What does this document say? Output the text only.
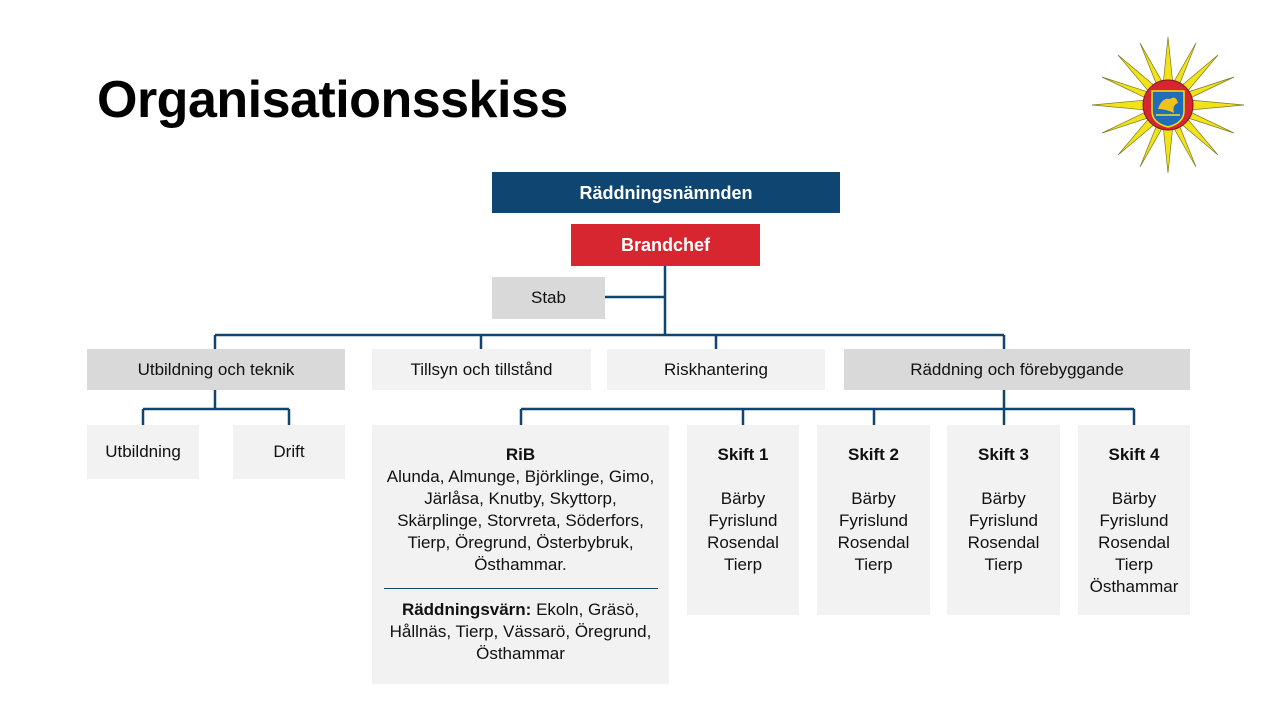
Organisationsskiss
Räddningsnämnden
Brandchef
Stab
Utbildning och teknik	Tillsyn och tillstånd	Riskhantering	Räddning och förebyggande
Utbildning	Drift	RiB
Alunda, Almunge, Björklinge, Gimo, Järlåsa, Knutby, Skyttorp, Skärplinge, Storvreta, Söderfors, Tierp, Öregrund, Österbybruk, Östhammar.
Räddningsvärn: Ekoln, Gräsö, Hållnäs, Tierp, Vässarö, Öregrund, Östhammar
Skift 1
Bärby
Fyrislund
Rosendal
Tierp
Skift 2
Bärby
Fyrislund
Rosendal
Tierp
Skift 3
Bärby
Fyrislund
Rosendal
Tierp
Skift 4
Bärby
Fyrislund
Rosendal
Tierp
Östhammar
